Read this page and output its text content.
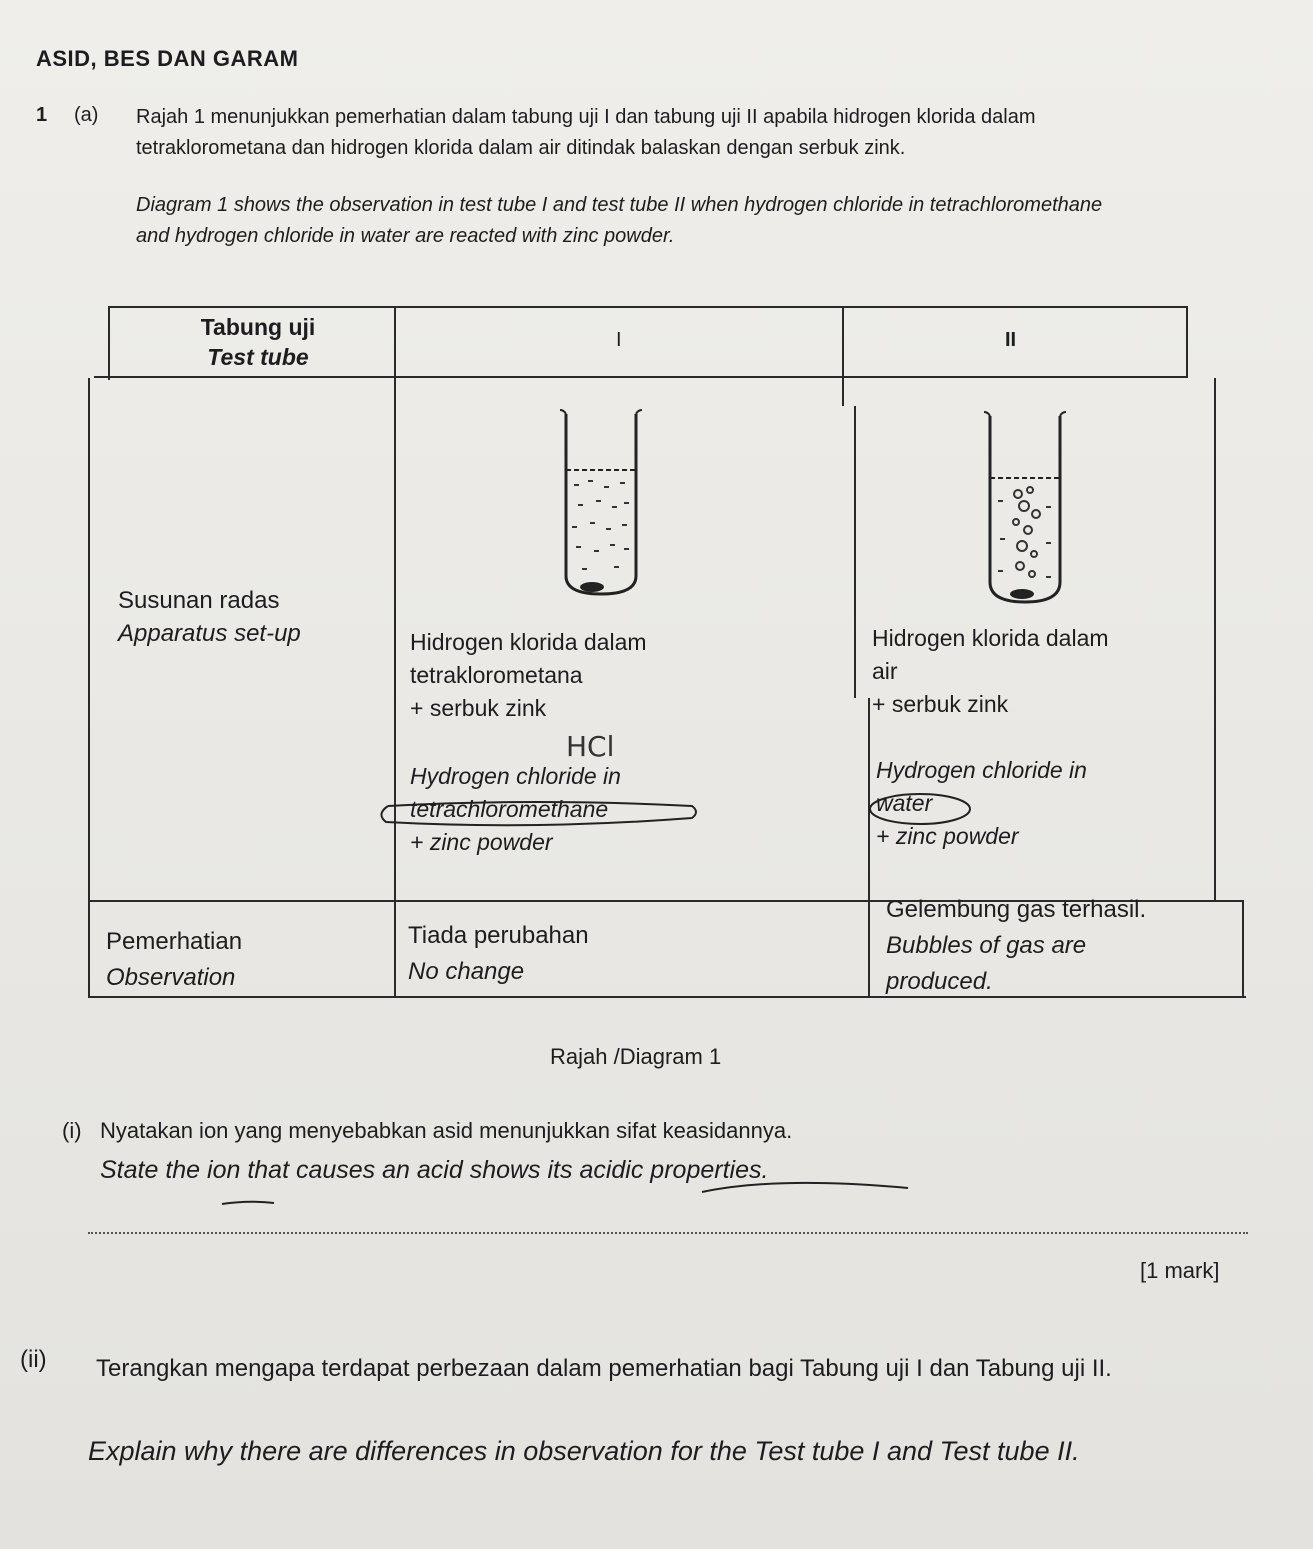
ASID, BES DAN GARAM
1 (a) Rajah 1 menunjukkan pemerhatian dalam tabung uji I dan tabung uji II apabila hidrogen klorida dalam tetraklorometana dan hidrogen klorida dalam air ditindak balaskan dengan serbuk zink.
Diagram 1 shows the observation in test tube I and test tube II when hydrogen chloride in tetrachloromethane and hydrogen chloride in water are reacted with zinc powder.
Tabung uji
Test tube
I	II
Susunan radas
Apparatus set-up	Hidrogen klorida dalam
tetraklorometana
+ serbuk zink
HCl
Hydrogen chloride in
tetrachloromethane
+ zinc powder
Hidrogen klorida dalam
air
+ serbuk zink
Hydrogen chloride in
water
+ zinc powder
Pemerhatian
Observation
Tiada perubahan
No change
Gelembung gas terhasil.
Bubbles of gas are
produced.
Rajah /Diagram 1
(i) Nyatakan ion yang menyebabkan asid menunjukkan sifat keasidannya.
State the ion that causes an acid shows its acidic properties.
[1 mark]
(ii) Terangkan mengapa terdapat perbezaan dalam pemerhatian bagi Tabung uji I dan Tabung uji II.
Explain why there are differences in observation for the Test tube I and Test tube II.
